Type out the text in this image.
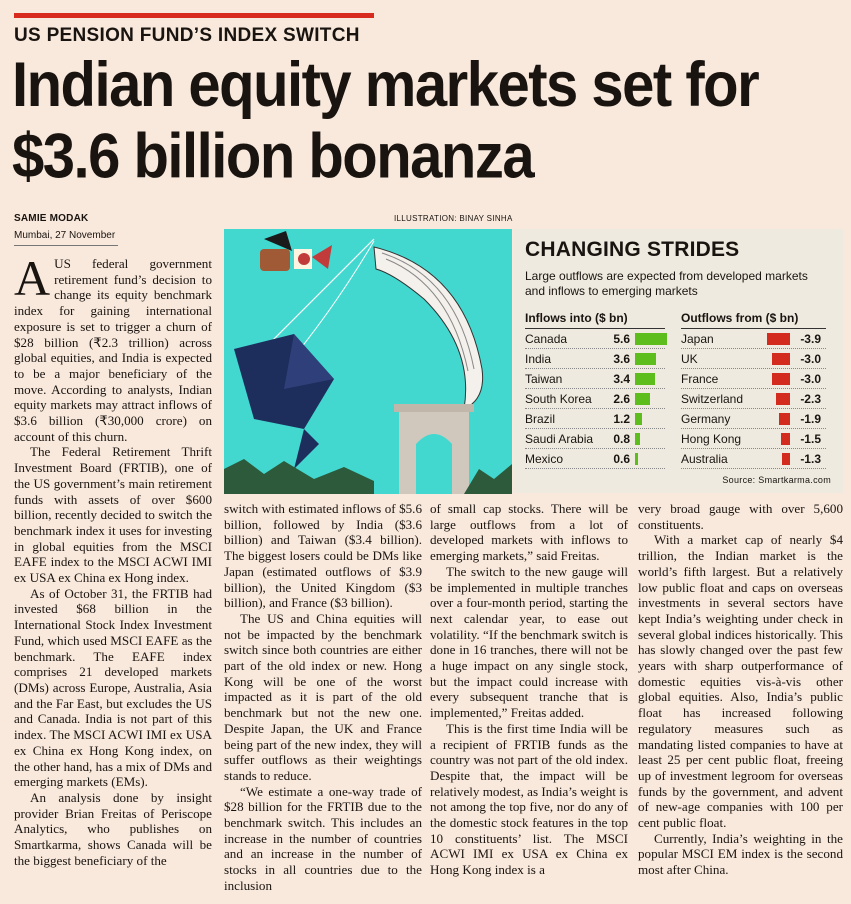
US PENSION FUND’S INDEX SWITCH
Indian equity markets set for $3.6 billion bonanza
SAMIE MODAK
Mumbai, 27 November
ILLUSTRATION: BINAY SINHA

AUS federal government retirement fund’s decision to change its equity benchmark index for gaining international exposure is set to trigger a churn of $28 billion (₹2.3 trillion) across global equities, and India is expected to be a major beneficiary of the move. According to analysts, Indian equity markets may attract inflows of $3.6 billion (₹30,000 crore) on account of this churn.

The Federal Retirement Thrift Investment Board (FRTIB), one of the US government’s main retirement funds with assets of over $600 billion, recently decided to switch the benchmark index it uses for investing in global equities from the MSCI EAFE index to the MSCI ACWI IMI ex USA ex China ex Hong index.

As of October 31, the FRTIB had invested $68 billion in the International Stock Index Investment Fund, which used MSCI EAFE as the benchmark. The EAFE index comprises 21 developed markets (DMs) across Europe, Australia, Asia and the Far East, but excludes the US and Canada. India is not part of this index. The MSCI ACWI IMI ex USA ex China ex Hong Kong index, on the other hand, has a mix of DMs and emerging markets (EMs).

An analysis done by insight provider Brian Freitas of Periscope Analytics, who publishes on Smartkarma, shows Canada will be the biggest beneficiary of the

CHANGING STRIDES
Large outflows are expected from developed markets and inflows to emerging markets
Inflows into ($ bn)
Canada	5.6
India	3.6
Taiwan	3.4
South Korea	2.6
Brazil	1.2
Saudi Arabia	0.8
Mexico	0.6
Outflows from ($ bn)
Japan	-3.9
UK	-3.0
France	-3.0
Switzerland	-2.3
Germany	-1.9
Hong Kong	-1.5
Australia	-1.3
Source: Smartkarma.com

switch with estimated inflows of $5.6 billion, followed by India ($3.6 billion) and Taiwan ($3.4 billion). The biggest losers could be DMs like Japan (estimated outflows of $3.9 billion), the United Kingdom ($3 billion), and France ($3 billion).

The US and China equities will not be impacted by the benchmark switch since both countries are either part of the old index or new. Hong Kong will be one of the worst impacted as it is part of the old benchmark but not the new one. Despite Japan, the UK and France being part of the new index, they will suffer outflows as their weightings stands to reduce.

“We estimate a one-way trade of $28 billion for the FRTIB due to the benchmark switch. This includes an increase in the number of countries and an increase in the number of stocks in all countries due to the inclusion

of small cap stocks. There will be large outflows from a lot of developed markets with inflows to emerging markets,” said Freitas.

The switch to the new gauge will be implemented in multiple tranches over a four-month period, starting the next calendar year, to ease out volatility. “If the benchmark switch is done in 16 tranches, there will not be a huge impact on any single stock, but the impact could increase with every subsequent tranche that is implemented,” Freitas added.

This is the first time India will be a recipient of FRTIB funds as the country was not part of the old index. Despite that, the impact will be relatively modest, as India’s weight is not among the top five, nor do any of the domestic stock features in the top 10 constituents’ list. The MSCI ACWI IMI ex USA ex China ex Hong Kong index is a

very broad gauge with over 5,600 constituents.

With a market cap of nearly $4 trillion, the Indian market is the world’s fifth largest. But a relatively low public float and caps on overseas investments in several sectors have kept India’s weighting under check in several global indices historically. This has slowly changed over the past few years with sharp outperformance of domestic equities vis-à-vis other global equities. Also, India’s public float has increased following regulatory measures such as mandating listed companies to have at least 25 per cent public float, freeing up of investment legroom for overseas funds by the government, and advent of new-age companies with 100 per cent public float.

Currently, India’s weighting in the popular MSCI EM index is the second most after China.
